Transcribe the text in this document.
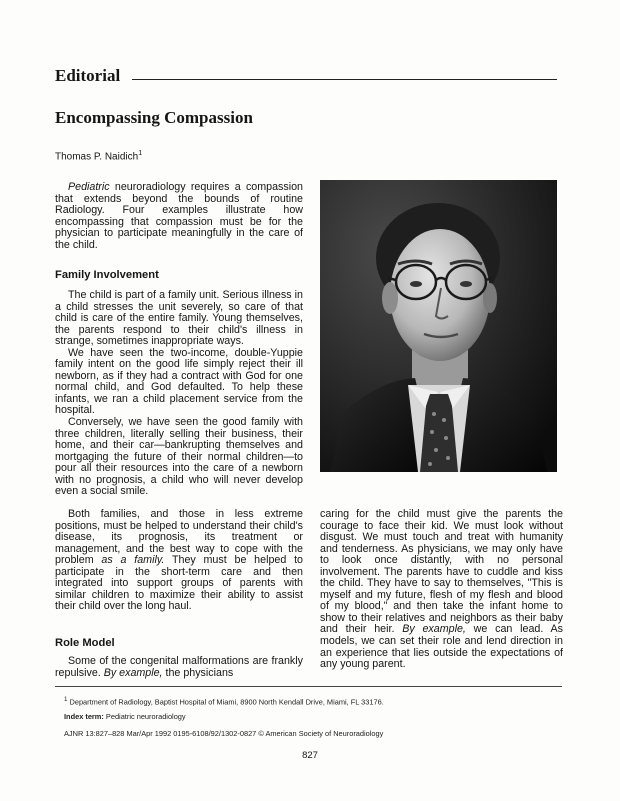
Editorial
Encompassing Compassion
Thomas P. Naidich$^1$

Pediatric neuroradiology requires a compassion that extends beyond the bounds of routine Radiology. Four examples illustrate how encompassing that compassion must be for the physician to participate meaningfully in the care of the child.

Family Involvement

The child is part of a family unit. Serious illness in a child stresses the unit severely, so care of that child is care of the entire family. Young themselves, the parents respond to their child's illness in strange, sometimes inappropriate ways.

We have seen the two-income, double-Yuppie family intent on the good life simply reject their ill newborn, as if they had a contract with God for one normal child, and God defaulted. To help these infants, we ran a child placement service from the hospital.

Conversely, we have seen the good family with three children, literally selling their business, their home, and their car—bankrupting themselves and mortgaging the future of their normal children—to pour all their resources into the care of a newborn with no prognosis, a child who will never develop even a social smile.

Both families, and those in less extreme positions, must be helped to understand their child's disease, its prognosis, its treatment or management, and the best way to cope with the problem as a family. They must be helped to participate in the short-term care and then integrated into support groups of parents with similar children to maximize their ability to assist their child over the long haul.

Role Model

Some of the congenital malformations are frankly repulsive. By example, the physicians

caring for the child must give the parents the courage to face their kid. We must look without disgust. We must touch and treat with humanity and tenderness. As physicians, we may only have to look once distantly, with no personal involvement. The parents have to cuddle and kiss the child. They have to say to themselves, "This is myself and my future, flesh of my flesh and blood of my blood," and then take the infant home to show to their relatives and neighbors as their baby and their heir. By example, we can lead. As models, we can set their role and lend direction in an experience that lies outside the expectations of any young parent.

$^1$ Department of Radiology, Baptist Hospital of Miami, 8900 North Kendall Drive, Miami, FL 33176.
Index term: Pediatric neuroradiology
AJNR 13:827–828 Mar/Apr 1992 0195-6108/92/1302-0827 © American Society of Neuroradiology
827
